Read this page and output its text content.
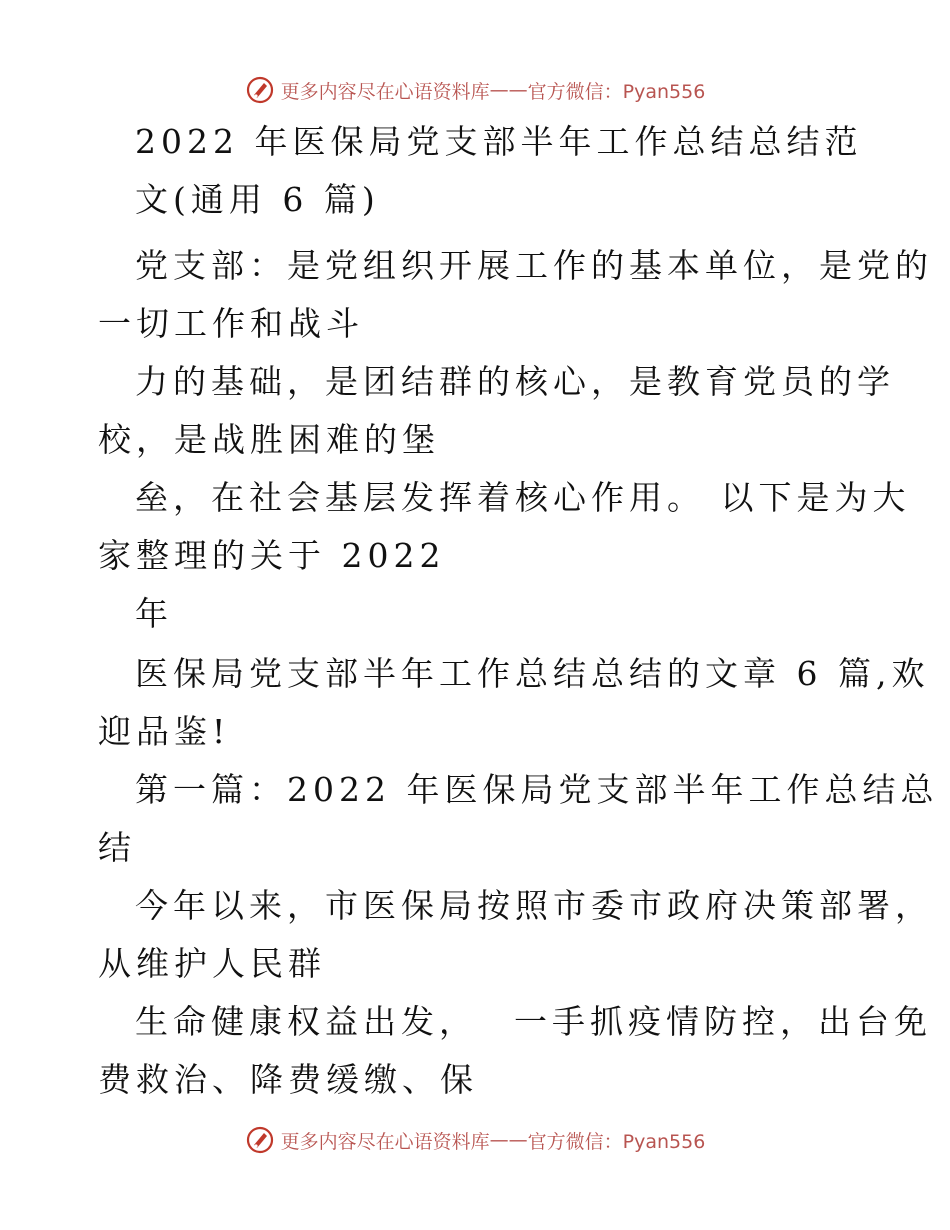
更多内容尽在心语资料库 —— 官方微信：Pyan556
2022 年医保局党支部半年工作总结总结范
文(通用 6 篇)
党支部：是党组织开展工作的基本单位，是党的
一切工作和战斗
力的基础，是团结群的核心，是教育党员的学
校，是战胜困难的堡
垒，在社会基层发挥着核心作用。 以下是为大
家整理的关于 2022
年
医保局党支部半年工作总结总结的文章 6 篇,欢
迎品鉴!
第一篇：2022 年医保局党支部半年工作总结总
结
今年以来，市医保局按照市委市政府决策部署，
从维护人民群
生命健康权益出发，　 一手抓疫情防控，出台免
费救治、降费缓缴、保
更多内容尽在心语资料库 —— 官方微信：Pyan556
